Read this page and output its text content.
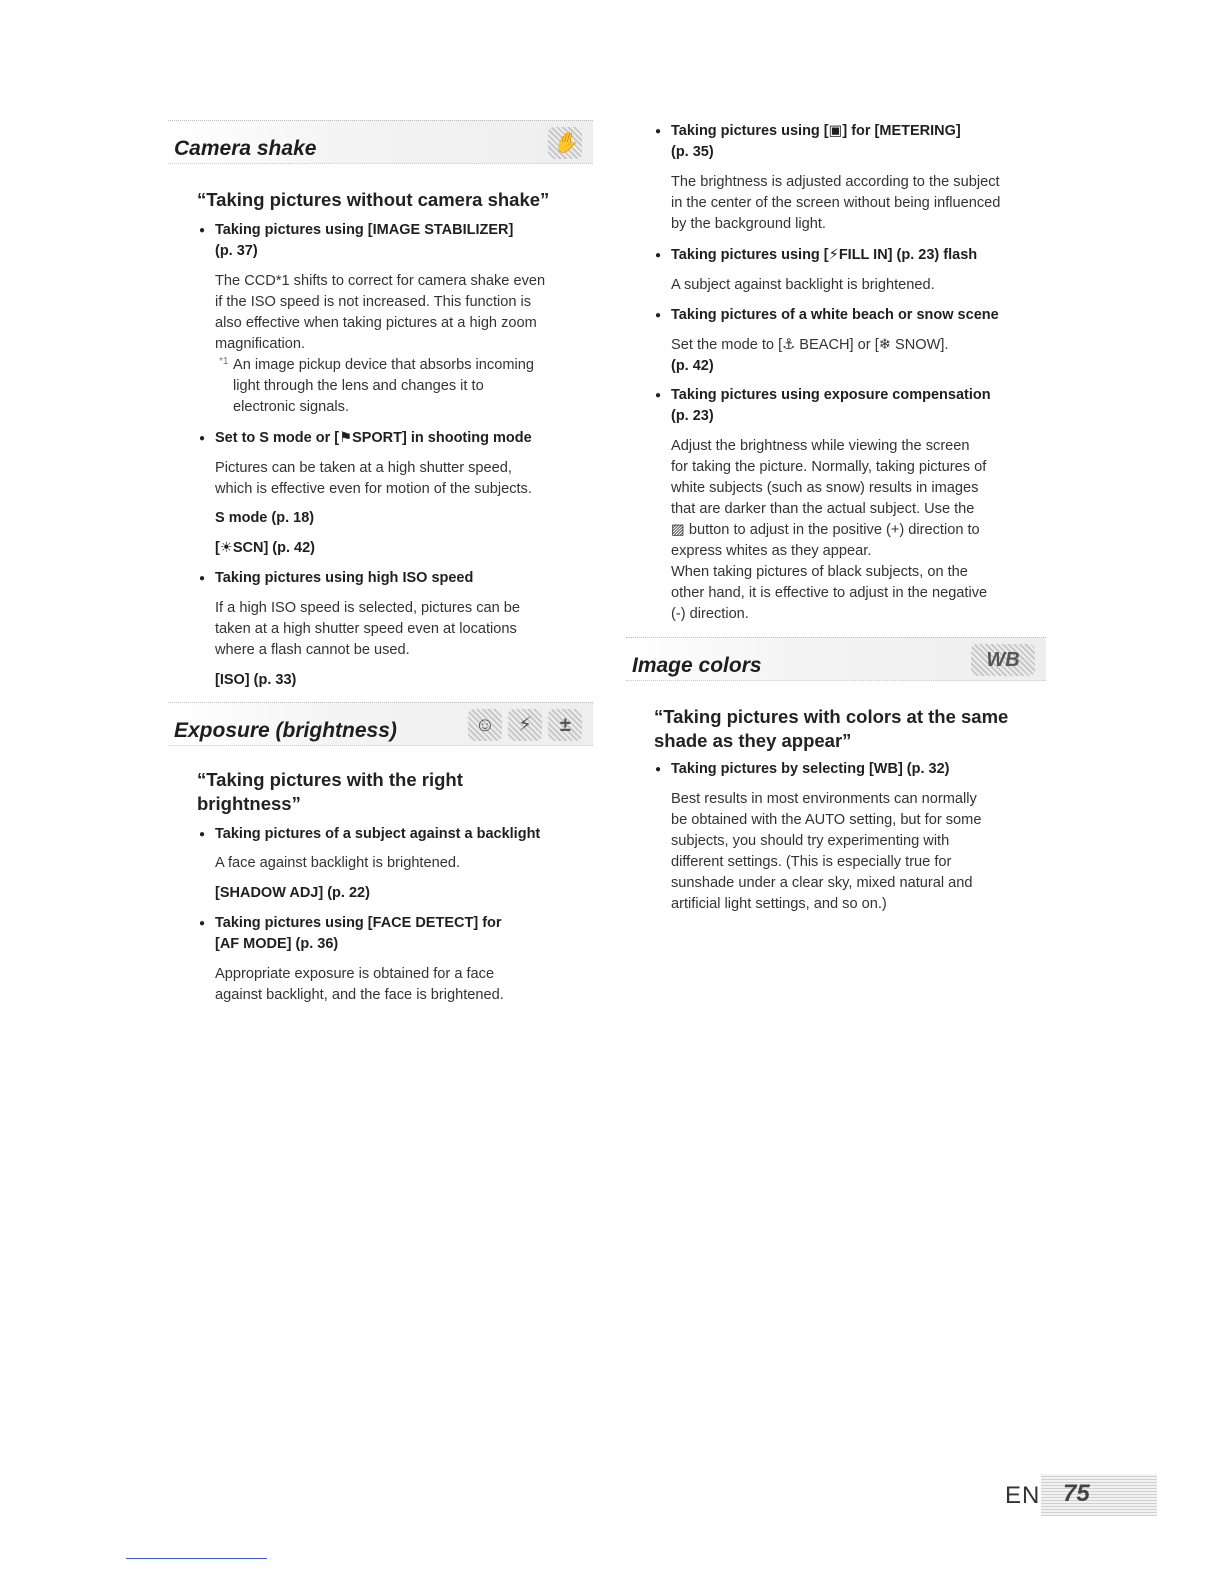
Camera shake	✋
“Taking pictures without camera shake”
● Taking pictures using [IMAGE STABILIZER]
(p. 37)
The CCD*1 shifts to correct for camera shake even
if the ISO speed is not increased. This function is
also effective when taking pictures at a high zoom
magnification.
*1 An image pickup device that absorbs incoming
light through the lens and changes it to
electronic signals.
● Set to S mode or [⚑SPORT] in shooting mode
Pictures can be taken at a high shutter speed,
which is effective even for motion of the subjects.
S mode (p. 18)
[☀SCN] (p. 42)
● Taking pictures using high ISO speed
If a high ISO speed is selected, pictures can be
taken at a high shutter speed even at locations
where a flash cannot be used.
[ISO] (p. 33)
Exposure (brightness)	☺	⚡	±
“Taking pictures with the right
brightness”
● Taking pictures of a subject against a backlight
A face against backlight is brightened.
[SHADOW ADJ] (p. 22)
● Taking pictures using [FACE DETECT] for
[AF MODE] (p. 36)
Appropriate exposure is obtained for a face
against backlight, and the face is brightened.
● Taking pictures using [▣] for [METERING]
(p. 35)
The brightness is adjusted according to the subject
in the center of the screen without being influenced
by the background light.
● Taking pictures using [⚡FILL IN] (p. 23) flash
A subject against backlight is brightened.
● Taking pictures of a white beach or snow scene
Set the mode to [⚓ BEACH] or [❄ SNOW].
(p. 42)
● Taking pictures using exposure compensation
(p. 23)
Adjust the brightness while viewing the screen
for taking the picture. Normally, taking pictures of
white subjects (such as snow) results in images
that are darker than the actual subject. Use the
▨ button to adjust in the positive (+) direction to
express whites as they appear.
When taking pictures of black subjects, on the
other hand, it is effective to adjust in the negative
(-) direction.
Image colors	WB
“Taking pictures with colors at the same
shade as they appear”
● Taking pictures by selecting [WB] (p. 32)
Best results in most environments can normally
be obtained with the AUTO setting, but for some
subjects, you should try experimenting with
different settings. (This is especially true for
sunshade under a clear sky, mixed natural and
artificial light settings, and so on.)
EN 75
